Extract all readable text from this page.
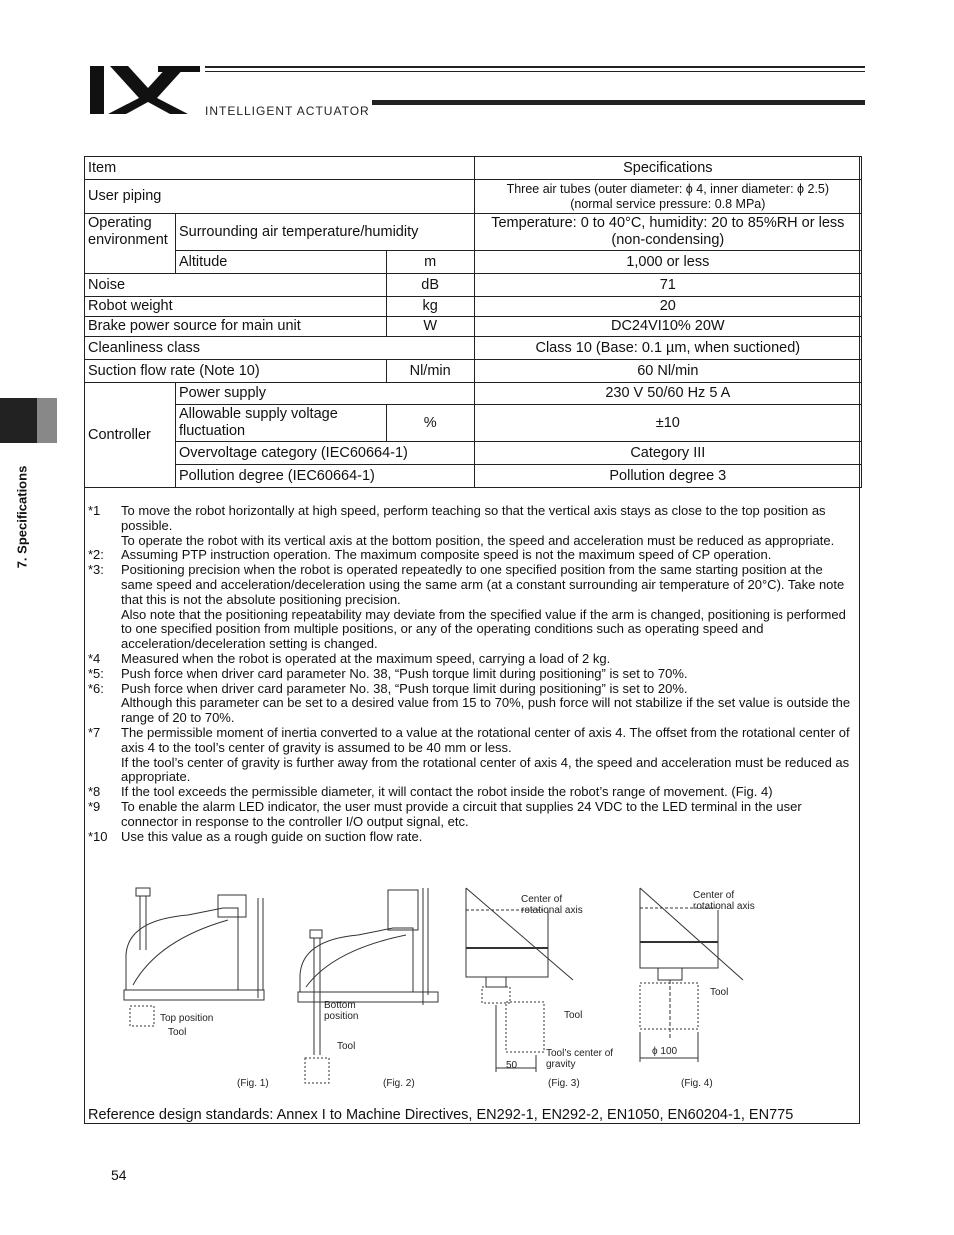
INTELLIGENT ACTUATOR
7. Specifications
Item			Specifications
User piping			Three air tubes (outer diameter: ϕ 4, inner diameter: ϕ 2.5)
(normal service pressure: 0.8 MPa)
Operating environment	Surrounding air temperature/humidity		Temperature: 0 to 40°C, humidity: 20 to 85%RH or less (non-condensing)
	Altitude	m	1,000 or less
Noise		dB	71
Robot weight		kg	20
Brake power source for main unit		W	DC24VI10% 20W
Cleanliness class			Class 10 (Base: 0.1 µm, when suctioned)
Suction flow rate (Note 10)		Nl/min	60 Nl/min
Controller	Power supply		230 V 50/60 Hz 5 A
	Allowable supply voltage fluctuation	%	±10
	Overvoltage category (IEC60664-1)		Category III
	Pollution degree (IEC60664-1)		Pollution degree 3
*1	To move the robot horizontally at high speed, perform teaching so that the vertical axis stays as close to the top position as possible.
To operate the robot with its vertical axis at the bottom position, the speed and acceleration must be reduced as appropriate.
*2:	Assuming PTP instruction operation. The maximum composite speed is not the maximum speed of CP operation.
*3:	Positioning precision when the robot is operated repeatedly to one specified position from the same starting position at the same speed and acceleration/deceleration using the same arm (at a constant surrounding air temperature of 20°C). Take note that this is not the absolute positioning precision.
Also note that the positioning repeatability may deviate from the specified value if the arm is changed, positioning is performed to one specified position from multiple positions, or any of the operating conditions such as operating speed and acceleration/deceleration setting is changed.
*4	Measured when the robot is operated at the maximum speed, carrying a load of 2 kg.
*5:	Push force when driver card parameter No. 38, “Push torque limit during positioning” is set to 70%.
*6:	Push force when driver card parameter No. 38, “Push torque limit during positioning” is set to 20%.
Although this parameter can be set to a desired value from 15 to 70%, push force will not stabilize if the set value is outside the range of 20 to 70%.
*7	The permissible moment of inertia converted to a value at the rotational center of axis 4. The offset from the rotational center of axis 4 to the tool’s center of gravity is assumed to be 40 mm or less.
If the tool’s center of gravity is further away from the rotational center of axis 4, the speed and acceleration must be reduced as appropriate.
*8	If the tool exceeds the permissible diameter, it will contact the robot inside the robot’s range of movement. (Fig. 4)
*9	To enable the alarm LED indicator, the user must provide a circuit that supplies 24 VDC to the LED terminal in the user connector in response to the controller I/O output signal, etc.
*10	Use this value as a rough guide on suction flow rate.
Top position
Tool
Bottom
position
Tool
Center of
rotational axis
Tool
Tool’s center of
gravity
50
Center of
rotational axis
Tool
ϕ 100
(Fig. 1)	(Fig. 2)	(Fig. 3)	(Fig. 4)
Reference design standards: Annex I to Machine Directives, EN292-1, EN292-2, EN1050, EN60204-1, EN775
54
